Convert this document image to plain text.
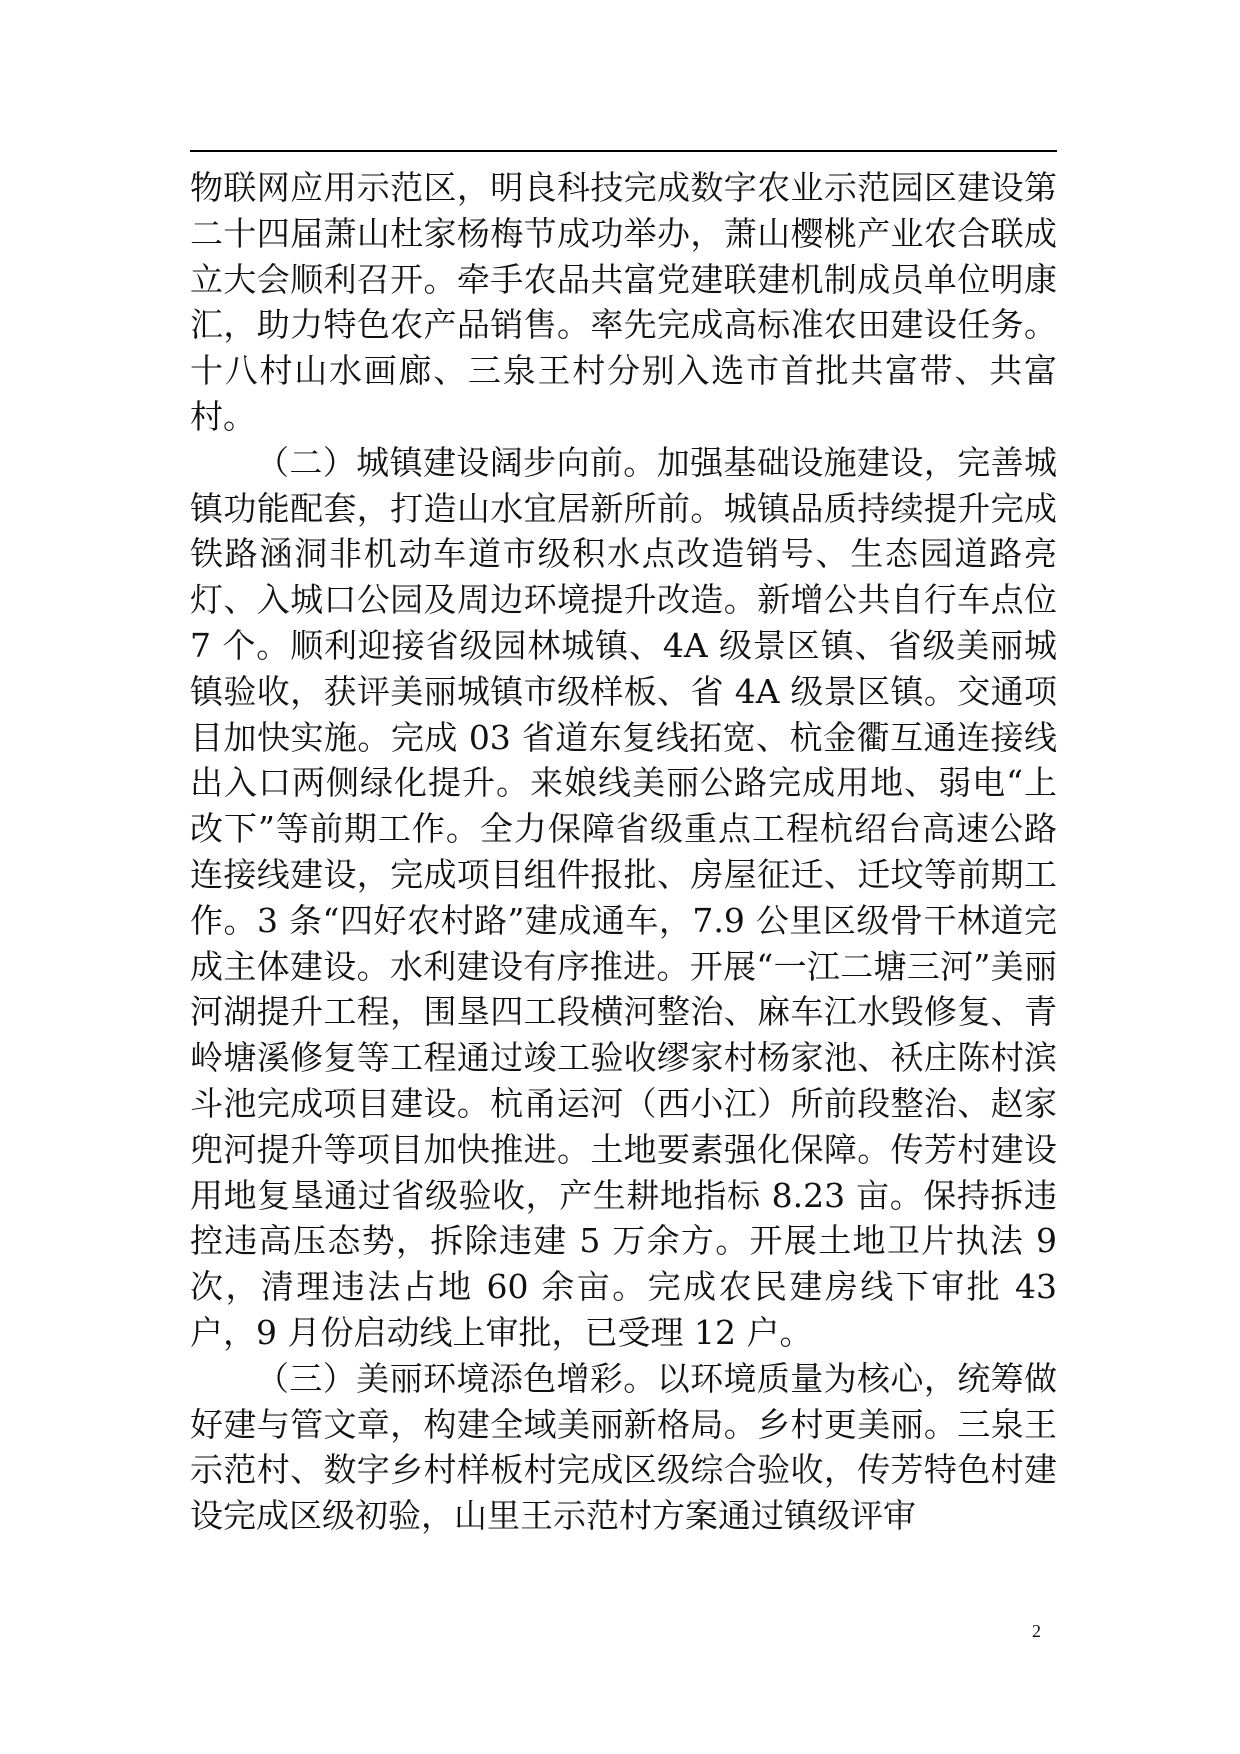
物联网应用示范区，明良科技完成数字农业示范园区建设第二十四届萧山杜家杨梅节成功举办，萧山樱桃产业农合联成立大会顺利召开。牵手农品共富党建联建机制成员单位明康汇，助力特色农产品销售。率先完成高标准农田建设任务。十八村山水画廊、三泉王村分别入选市首批共富带、共富村。

（二）城镇建设阔步向前。加强基础设施建设，完善城镇功能配套，打造山水宜居新所前。城镇品质持续提升完成铁路涵洞非机动车道市级积水点改造销号、生态园道路亮灯、入城口公园及周边环境提升改造。新增公共自行车点位 7 个。顺利迎接省级园林城镇、4A 级景区镇、省级美丽城镇验收，获评美丽城镇市级样板、省 4A 级景区镇。交通项目加快实施。完成 03 省道东复线拓宽、杭金衢互通连接线出入口两侧绿化提升。来娘线美丽公路完成用地、弱电“上改下”等前期工作。全力保障省级重点工程杭绍台高速公路连接线建设，完成项目组件报批、房屋征迁、迁坟等前期工作。3 条“四好农村路”建成通车，7.9 公里区级骨干林道完成主体建设。水利建设有序推进。开展“一江二塘三河”美丽河湖提升工程，围垦四工段横河整治、麻车江水毁修复、青岭塘溪修复等工程通过竣工验收缪家村杨家池、袄庄陈村滨斗池完成项目建设。杭甬运河（西小江）所前段整治、赵家兜河提升等项目加快推进。土地要素强化保障。传芳村建设用地复垦通过省级验收，产生耕地指标 8.23 亩。保持拆违控违高压态势，拆除违建 5 万余方。开展土地卫片执法 9 次，清理违法占地 60 余亩。完成农民建房线下审批 43 户，9 月份启动线上审批，已受理 12 户。

（三）美丽环境添色增彩。以环境质量为核心，统筹做好建与管文章，构建全域美丽新格局。乡村更美丽。三泉王示范村、数字乡村样板村完成区级综合验收，传芳特色村建设完成区级初验，山里王示范村方案通过镇级评审

2
